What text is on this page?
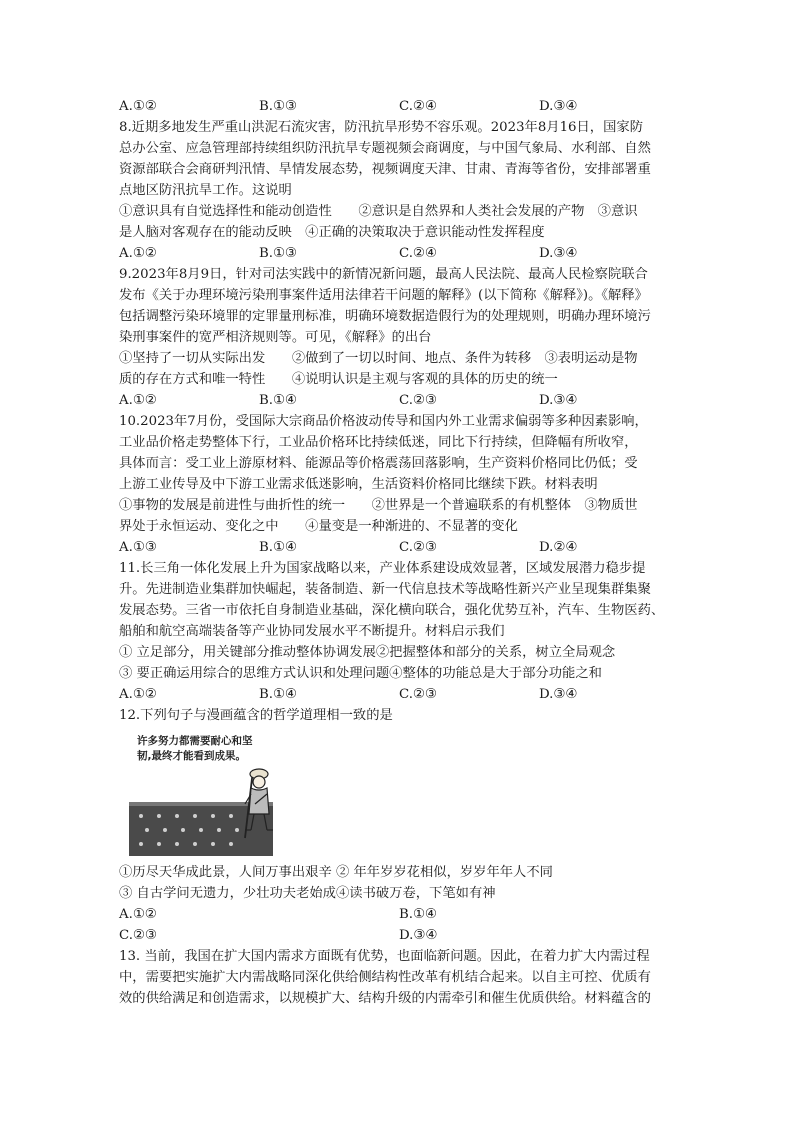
A.①②	B.①③	C.②④	D.③④
8.近期多地发生严重山洪泥石流灾害，防汛抗旱形势不容乐观。2023年8月16日，国家防
总办公室、应急管理部持续组织防汛抗旱专题视频会商调度，与中国气象局、水利部、自然
资源部联合会商研判汛情、旱情发展态势，视频调度天津、甘肃、青海等省份，安排部署重
点地区防汛抗旱工作。这说明
①意识具有自觉选择性和能动创造性　　②意识是自然界和人类社会发展的产物　③意识
是人脑对客观存在的能动反映　④正确的决策取决于意识能动性发挥程度
A.①②	B.①③	C.②④	D.③④
9.2023年8月9日，针对司法实践中的新情况新问题，最高人民法院、最高人民检察院联合
发布《关于办理环境污染刑事案件适用法律若干问题的解释》(以下简称《解释》)。《解释》
包括调整污染环境罪的定罪量刑标准，明确环境数据造假行为的处理规则，明确办理环境污
染刑事案件的宽严相济规则等。可见，《解释》的出台
①坚持了一切从实际出发　　②做到了一切以时间、地点、条件为转移　③表明运动是物
质的存在方式和唯一特性　　④说明认识是主观与客观的具体的历史的统一
A.①②	B.①④	C.②③	D.③④
10.2023年7月份，受国际大宗商品价格波动传导和国内外工业需求偏弱等多种因素影响，
工业品价格走势整体下行，工业品价格环比持续低迷，同比下行持续，但降幅有所收窄，
具体而言：受工业上游原材料、能源品等价格震荡回落影响，生产资料价格同比仍低；受
上游工业传导及中下游工业需求低迷影响，生活资料价格同比继续下跌。材料表明
①事物的发展是前进性与曲折性的统一　　②世界是一个普遍联系的有机整体　③物质世
界处于永恒运动、变化之中　　④量变是一种渐进的、不显著的变化
A.①③	B.①④	C.②③	D.②④
11.长三角一体化发展上升为国家战略以来，产业体系建设成效显著，区域发展潜力稳步提
升。先进制造业集群加快崛起，装备制造、新一代信息技术等战略性新兴产业呈现集群集聚
发展态势。三省一市依托自身制造业基础，深化横向联合，强化优势互补，汽车、生物医药、
船舶和航空高端装备等产业协同发展水平不断提升。材料启示我们
① 立足部分，用关键部分推动整体协调发展②把握整体和部分的关系，树立全局观念
③ 要正确运用综合的思维方式认识和处理问题④整体的功能总是大于部分功能之和
A.①②	B.①④	C.②③	D.③④
12.下列句子与漫画蕴含的哲学道理相一致的是
许多努力都需要耐心和坚
韧,最终才能看到成果。
①历尽天华成此景，人间万事出艰辛 ② 年年岁岁花相似，岁岁年年人不同
③ 自古学问无遗力，少壮功夫老始成④读书破万卷，下笔如有神
A.①②	B.①④
C.②③	D.③④
13. 当前，我国在扩大国内需求方面既有优势，也面临新问题。因此，在着力扩大内需过程
中，需要把实施扩大内需战略同深化供给侧结构性改革有机结合起来。以自主可控、优质有
效的供给满足和创造需求，以规模扩大、结构升级的内需牵引和催生优质供给。材料蕴含的
